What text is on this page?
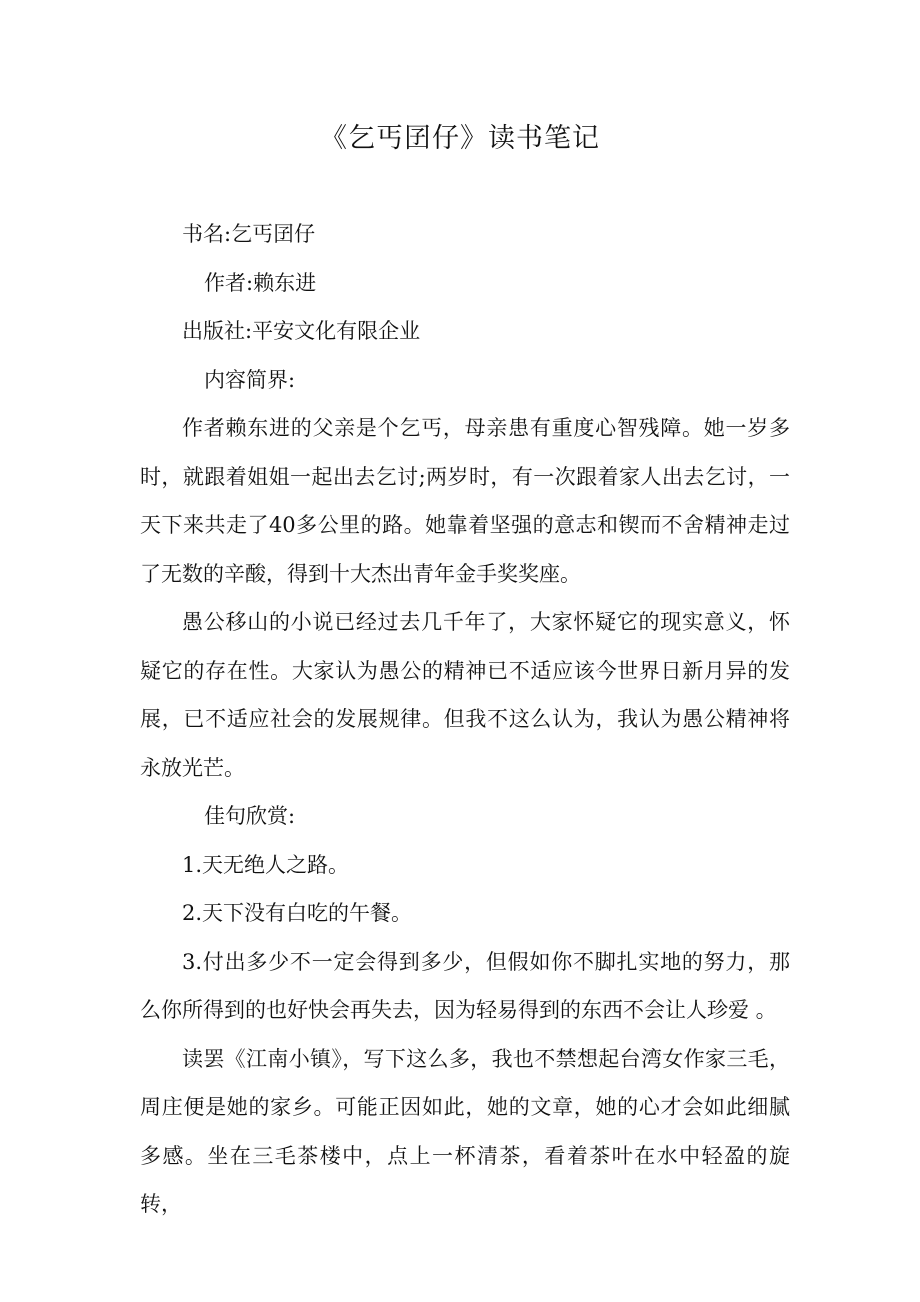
《乞丐囝仔》读书笔记

书名:乞丐囝仔

作者:赖东进

出版社:平安文化有限企业

内容简界:

作者赖东进的父亲是个乞丐，母亲患有重度心智残障。她一岁多时，就跟着姐姐一起出去乞讨;两岁时，有一次跟着家人出去乞讨，一天下来共走了40多公里的路。她靠着坚强的意志和锲而不舍精神走过了无数的辛酸，得到十大杰出青年金手奖奖座。

愚公移山的小说已经过去几千年了，大家怀疑它的现实意义，怀疑它的存在性。大家认为愚公的精神已不适应该今世界日新月异的发展，已不适应社会的发展规律。但我不这么认为，我认为愚公精神将永放光芒。

佳句欣赏:

1.天无绝人之路。

2.天下没有白吃的午餐。

3.付出多少不一定会得到多少，但假如你不脚扎实地的努力，那么你所得到的也好快会再失去，因为轻易得到的东西不会让人珍爱 。

读罢《江南小镇》，写下这么多，我也不禁想起台湾女作家三毛，周庄便是她的家乡。可能正因如此，她的文章，她的心才会如此细腻多感。坐在三毛茶楼中，点上一杯清茶，看着茶叶在水中轻盈的旋转，
